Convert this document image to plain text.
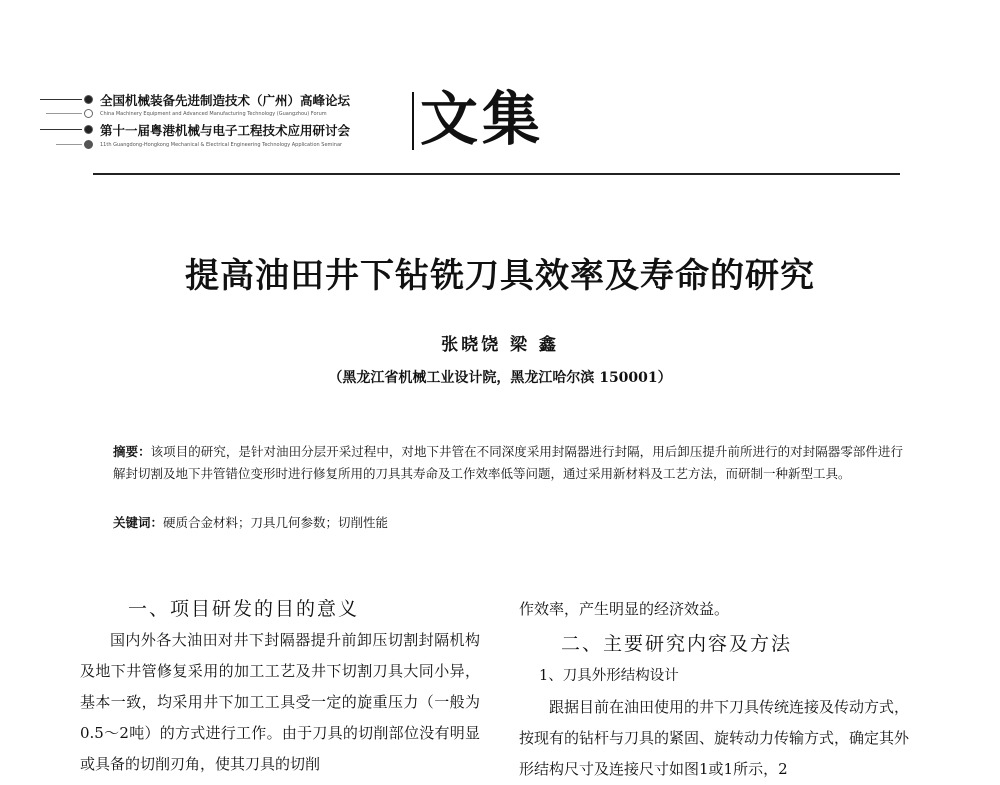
全国机械装备先进制造技术（广州）高峰论坛
China Machinery Equipment and Advanced Manufacturing Technology (Guangzhou) Forum
第十一届粤港机械与电子工程技术应用研讨会
11th Guangdong-Hongkong Mechanical & Electrical Engineering Technology Application Seminar 文集
提高油田井下钻铣刀具效率及寿命的研究
张晓饶 梁 鑫
（黑龙江省机械工业设计院，黑龙江哈尔滨 150001）
摘要：该项目的研究，是针对油田分层开采过程中，对地下井管在不同深度采用封隔器进行封隔，用后卸压提升前所进行的对封隔器零部件进行解封切割及地下井管错位变形时进行修复所用的刀具其寿命及工作效率低等问题，通过采用新材料及工艺方法，而研制一种新型工具。
关键词：硬质合金材料；刀具几何参数；切削性能
一、项目研发的目的意义
国内外各大油田对井下封隔器提升前卸压切割封隔机构及地下井管修复采用的加工工艺及井下切割刀具大同小异，基本一致，均采用井下加工工具受一定的旋重压力（一般为0.5～2吨）的方式进行工作。由于刀具的切削部位没有明显或具备的切削刃角，使其刀具的切削
作效率，产生明显的经济效益。
二、主要研究内容及方法
1、刀具外形结构设计
跟据目前在油田使用的井下刀具传统连接及传动方式，按现有的钻杆与刀具的紧固、旋转动力传输方式，确定其外形结构尺寸及连接尺寸如图1或1所示，2
